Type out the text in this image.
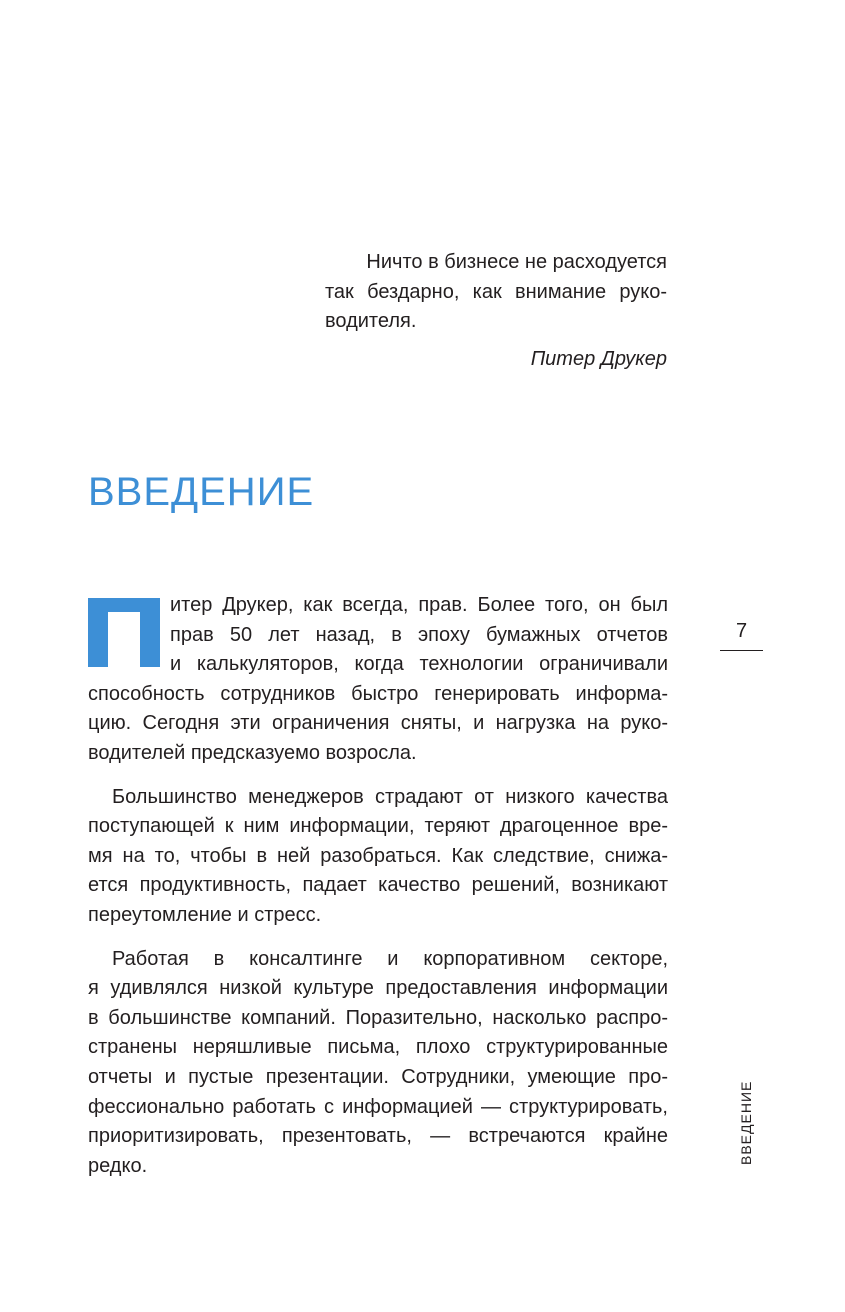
Ничто в бизнесе не расходуется
так бездарно, как внимание руко-
водителя.
Питер Друкер
ВВЕДЕНИЕ
итер Друкер, как всегда, прав. Более того, он был
прав 50 лет назад, в эпоху бумажных отчетов
и калькуляторов, когда технологии ограничивали
способность сотрудников быстро генерировать информа-
цию. Сегодня эти ограничения сняты, и нагрузка на руко-
водителей предсказуемо возросла.
Большинство менеджеров страдают от низкого качества
поступающей к ним информации, теряют драгоценное вре-
мя на то, чтобы в ней разобраться. Как следствие, снижа-
ется продуктивность, падает качество решений, возникают
переутомление и стресс.
Работая в консалтинге и корпоративном секторе,
я удивлялся низкой культуре предоставления информации
в большинстве компаний. Поразительно, насколько распро-
странены неряшливые письма, плохо структурированные
отчеты и пустые презентации. Сотрудники, умеющие про-
фессионально работать с информацией — структурировать,
приоритизировать, презентовать, — встречаются крайне
редко.
7
ВВЕДЕНИЕ
